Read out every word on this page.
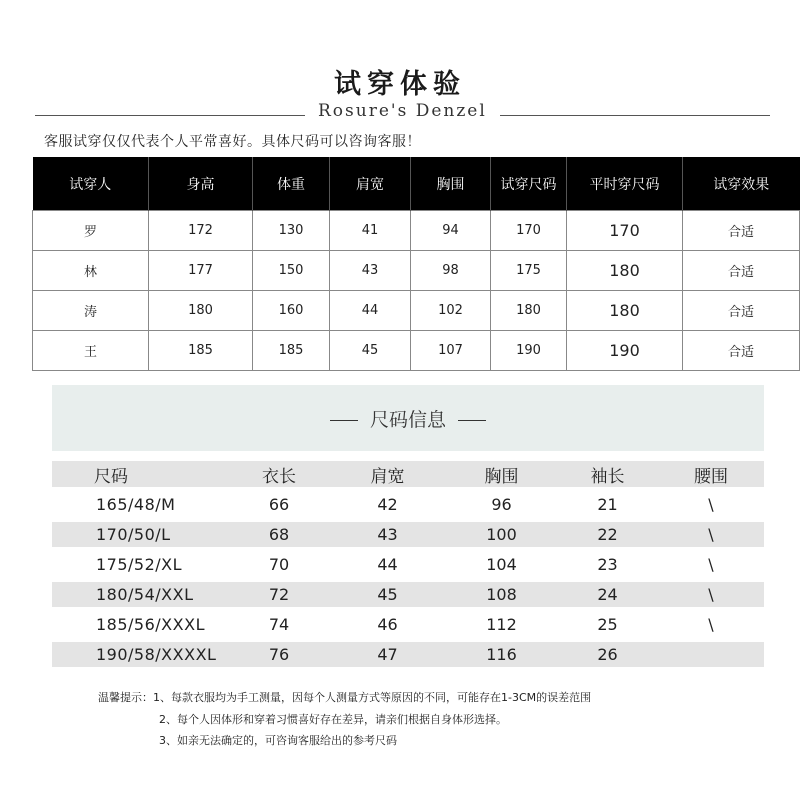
试穿体验
Rosure's Denzel
客服试穿仅仅代表个人平常喜好。具体尺码可以咨询客服！
试穿人	身高	体重	肩宽	胸围	试穿尺码	平时穿尺码	试穿效果
罗	172	130	41	94	170	170	合适
林	177	150	43	98	175	180	合适
涛	180	160	44	102	180	180	合适
王	185	185	45	107	190	190	合适
尺码信息
尺码	衣长	肩宽	胸围	袖长	腰围
165/48/M	66	42	96	21	\
170/50/L	68	43	100	22	\
175/52/XL	70	44	104	23	\
180/54/XXL	72	45	108	24	\
185/56/XXXL	74	46	112	25	\
190/58/XXXXL	76	47	116	26	
温馨提示：1、每款衣服均为手工测量，因每个人测量方式等原因的不同，可能存在1-3CM的误差范围
2、每个人因体形和穿着习惯喜好存在差异，请亲们根据自身体形选择。
3、如亲无法确定的，可咨询客服给出的参考尺码
